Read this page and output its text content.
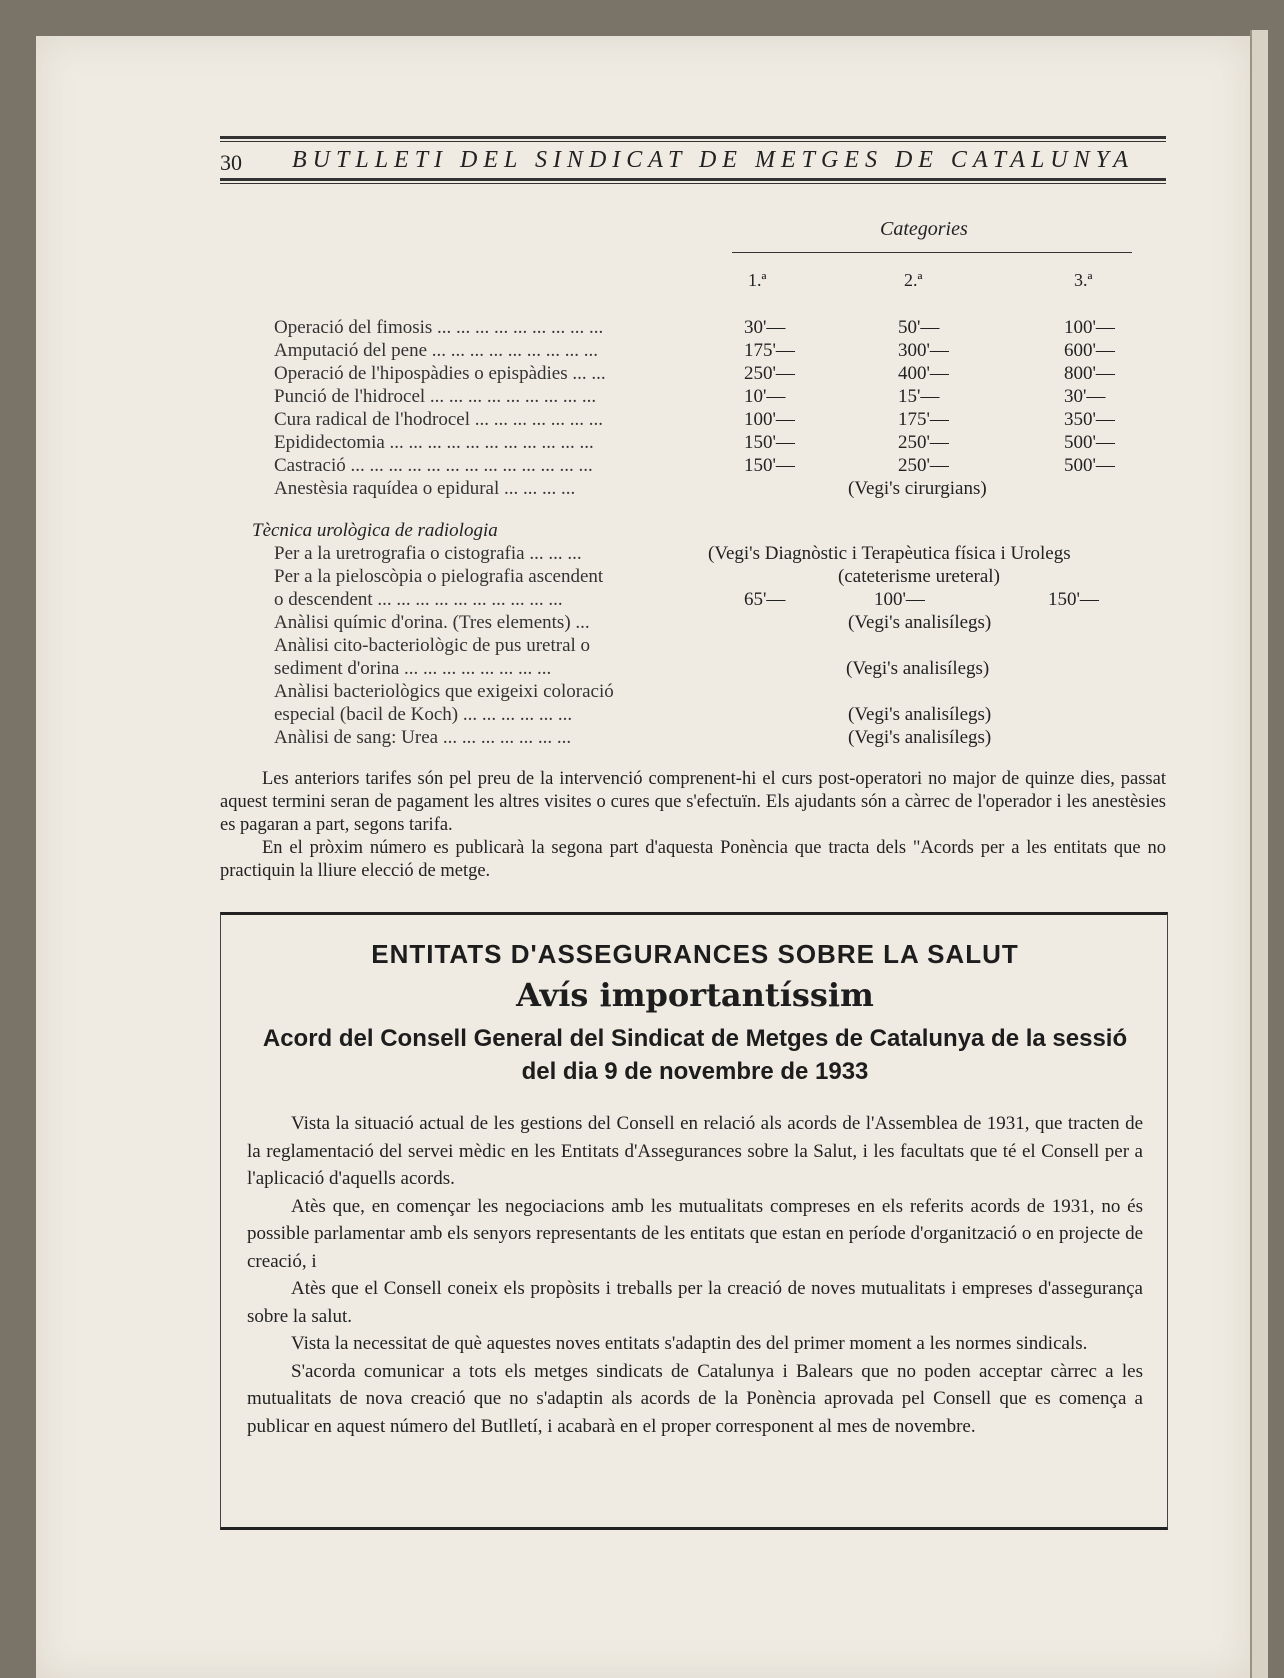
30 BUTLLETI DEL SINDICAT DE METGES DE CATALUNYA
Categories
1.ª	2.ª	3.ª
Operació del fimosis ... ... ... ... ... ... ... ... ...	30'—	50'—	100'—
Amputació del pene ... ... ... ... ... ... ... ... ...	175'—	300'—	600'—
Operació de l'hipospàdies o epispàdies ... ...	250'—	400'—	800'—
Punció de l'hidrocel ... ... ... ... ... ... ... ... ...	10'—	15'—	30'—
Cura radical de l'hodrocel ... ... ... ... ... ... ...	100'—	175'—	350'—
Epididectomia ... ... ... ... ... ... ... ... ... ... ...	150'—	250'—	500'—
Castració ... ... ... ... ... ... ... ... ... ... ... ... ...	150'—	250'—	500'—
Anestèsia raquídea o epidural ... ... ... ...	(Vegi's cirurgians)
Tècnica urològica de radiologia
Per a la uretrografia o cistografia ... ... ...	(Vegi's Diagnòstic i Terapèutica física i Urolegs
Per a la pieloscòpia o pielografia ascendent	(cateterisme ureteral)
o descendent ... ... ... ... ... ... ... ... ... ...	65'—	100'—	150'—
Anàlisi químic d'orina. (Tres elements) ...	(Vegi's analisílegs)
Anàlisi cito-bacteriològic de pus uretral o
sediment d'orina ... ... ... ... ... ... ... ...	(Vegi's analisílegs)
Anàlisi bacteriològics que exigeixi coloració
especial (bacil de Koch) ... ... ... ... ... ...	(Vegi's analisílegs)
Anàlisi de sang: Urea ... ... ... ... ... ... ...	(Vegi's analisílegs)

Les anteriors tarifes són pel preu de la intervenció comprenent-hi el curs post-operatori no major de quinze dies, passat aquest termini seran de pagament les altres visites o cures que s'efectuïn. Els ajudants són a càrrec de l'operador i les anestèsies es pagaran a part, segons tarifa.

En el pròxim número es publicarà la segona part d'aquesta Ponència que tracta dels "Acords per a les entitats que no practiquin la lliure elecció de metge.

ENTITATS D'ASSEGURANCES SOBRE LA SALUT
Avís importantíssim
Acord del Consell General del Sindicat de Metges de Catalunya de la sessió del dia 9 de novembre de 1933

Vista la situació actual de les gestions del Consell en relació als acords de l'Assemblea de 1931, que tracten de la reglamentació del servei mèdic en les Entitats d'Assegurances sobre la Salut, i les facultats que té el Consell per a l'aplicació d'aquells acords.

Atès que, en començar les negociacions amb les mutualitats compreses en els referits acords de 1931, no és possible parlamentar amb els senyors representants de les entitats que estan en període d'organització o en projecte de creació, i

Atès que el Consell coneix els propòsits i treballs per la creació de noves mutualitats i empreses d'assegurança sobre la salut.

Vista la necessitat de què aquestes noves entitats s'adaptin des del primer moment a les normes sindicals.

S'acorda comunicar a tots els metges sindicats de Catalunya i Balears que no poden acceptar càrrec a les mutualitats de nova creació que no s'adaptin als acords de la Ponència aprovada pel Consell que es comença a publicar en aquest número del Butlletí, i acabarà en el proper corresponent al mes de novembre.
